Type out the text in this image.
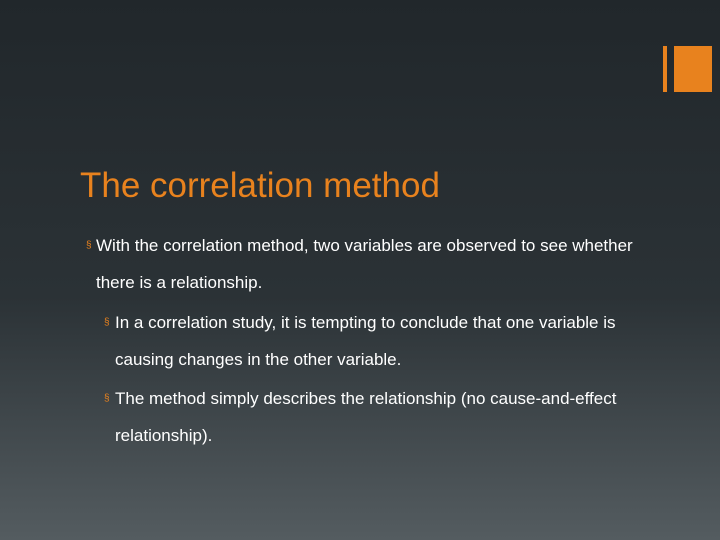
The correlation method
§ With the correlation method, two variables are observed to see whether there is a relationship.
§ In a correlation study, it is tempting to conclude that one variable is causing changes in the other variable.
§ The method simply describes the relationship (no cause-and-effect relationship).
